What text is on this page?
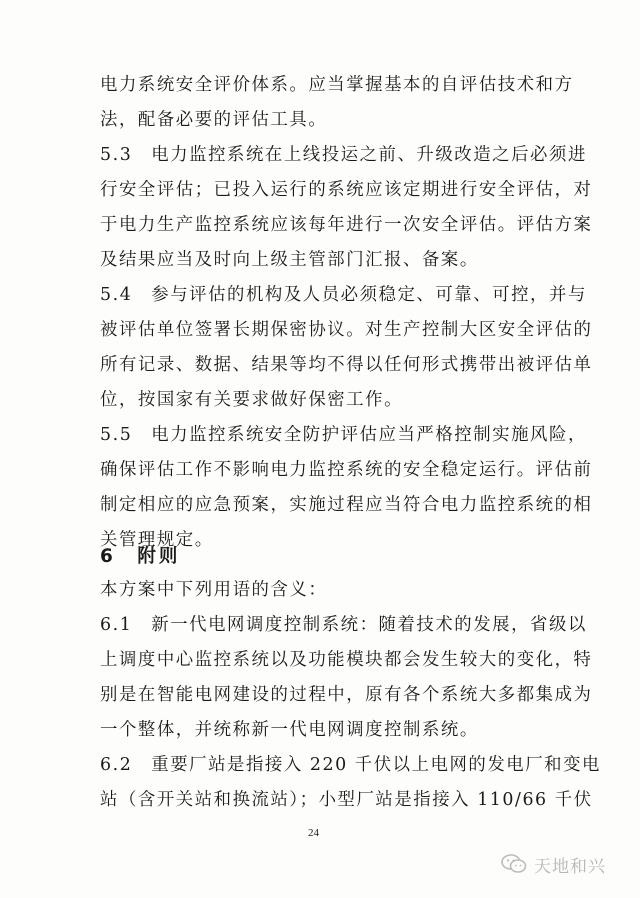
电力系统安全评价体系。应当掌握基本的自评估技术和方
法，配备必要的评估工具。
5.3　电力监控系统在上线投运之前、升级改造之后必须进
行安全评估；已投入运行的系统应该定期进行安全评估，对
于电力生产监控系统应该每年进行一次安全评估。评估方案
及结果应当及时向上级主管部门汇报、备案。
5.4　参与评估的机构及人员必须稳定、可靠、可控，并与
被评估单位签署长期保密协议。对生产控制大区安全评估的
所有记录、数据、结果等均不得以任何形式携带出被评估单
位，按国家有关要求做好保密工作。
5.5　电力监控系统安全防护评估应当严格控制实施风险，
确保评估工作不影响电力监控系统的安全稳定运行。评估前
制定相应的应急预案，实施过程应当符合电力监控系统的相
关管理规定。
6　附则
本方案中下列用语的含义：
6.1　新一代电网调度控制系统：随着技术的发展，省级以
上调度中心监控系统以及功能模块都会发生较大的变化，特
别是在智能电网建设的过程中，原有各个系统大多都集成为
一个整体，并统称新一代电网调度控制系统。
6.2　重要厂站是指接入 220 千伏以上电网的发电厂和变电
站（含开关站和换流站）；小型厂站是指接入 110/66 千伏
24
天地和兴
